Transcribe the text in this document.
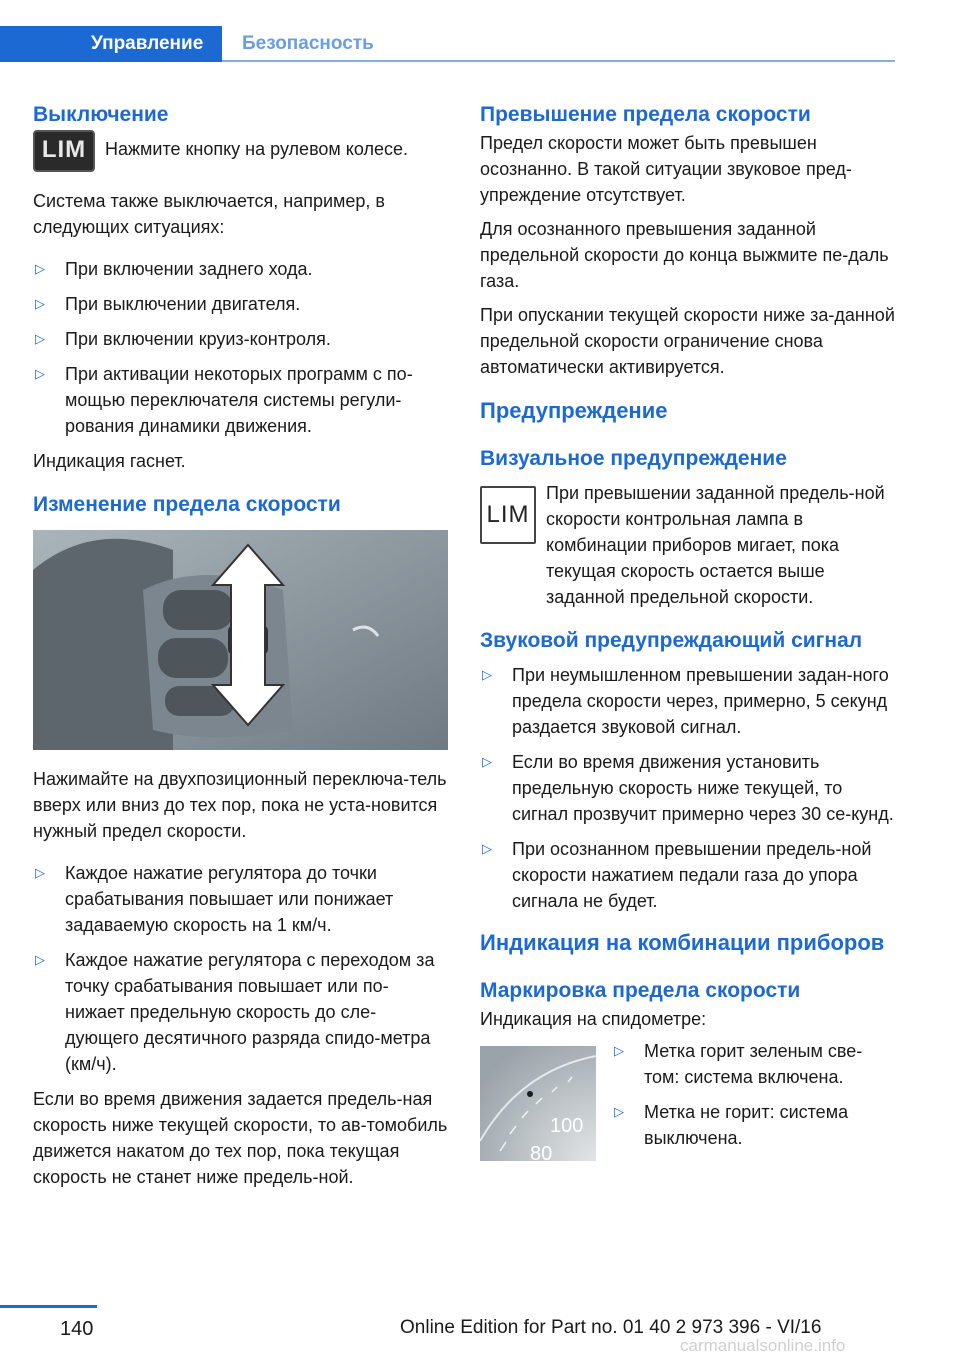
Управление	Безопасность
Выключение
LIM	Нажмите кнопку на рулевом колесе.

Система также выключается, например, в следующих ситуациях:

▷ При включении заднего хода.
▷ При выключении двигателя.
▷ При включении круиз-контроля.
▷ При активации некоторых программ с по-мощью переключателя системы регули-рования динамики движения.

Индикация гаснет.

Изменение предела скорости

Нажимайте на двухпозиционный переключа-тель вверх или вниз до тех пор, пока не уста-новится нужный предел скорости.

▷ Каждое нажатие регулятора до точки срабатывания повышает или понижает задаваемую скорость на 1 км/ч.
▷ Каждое нажатие регулятора с переходом за точку срабатывания повышает или по-нижает предельную скорость до сле-дующего десятичного разряда спидо-метра (км/ч).

Если во время движения задается предель-ная скорость ниже текущей скорости, то ав-томобиль движется накатом до тех пор, пока текущая скорость не станет ниже предель-ной.

Превышение предела скорости

Предел скорости может быть превышен осознанно. В такой ситуации звуковое пред-упреждение отсутствует.

Для осознанного превышения заданной предельной скорости до конца выжмите пе-даль газа.

При опускании текущей скорости ниже за-данной предельной скорости ограничение снова автоматически активируется.

Предупреждение
Визуальное предупреждение
LIM

При превышении заданной предель-ной скорости контрольная лампа в комбинации приборов мигает, пока текущая скорость остается выше заданной предельной скорости.

Звуковой предупреждающий сигнал
▷ При неумышленном превышении задан-ного предела скорости через, примерно, 5 секунд раздается звуковой сигнал.
▷ Если во время движения установить предельную скорость ниже текущей, то сигнал прозвучит примерно через 30 се-кунд.
▷ При осознанном превышении предель-ной скорости нажатием педали газа до упора сигнала не будет.
Индикация на комбинации приборов
Маркировка предела скорости

Индикация на спидометре:

100
80
▷ Метка горит зеленым све-том: система включена.
▷ Метка не горит: система выключена.
140	Online Edition for Part no. 01 40 2 973 396 - VI/16
carmanualsonline.info
